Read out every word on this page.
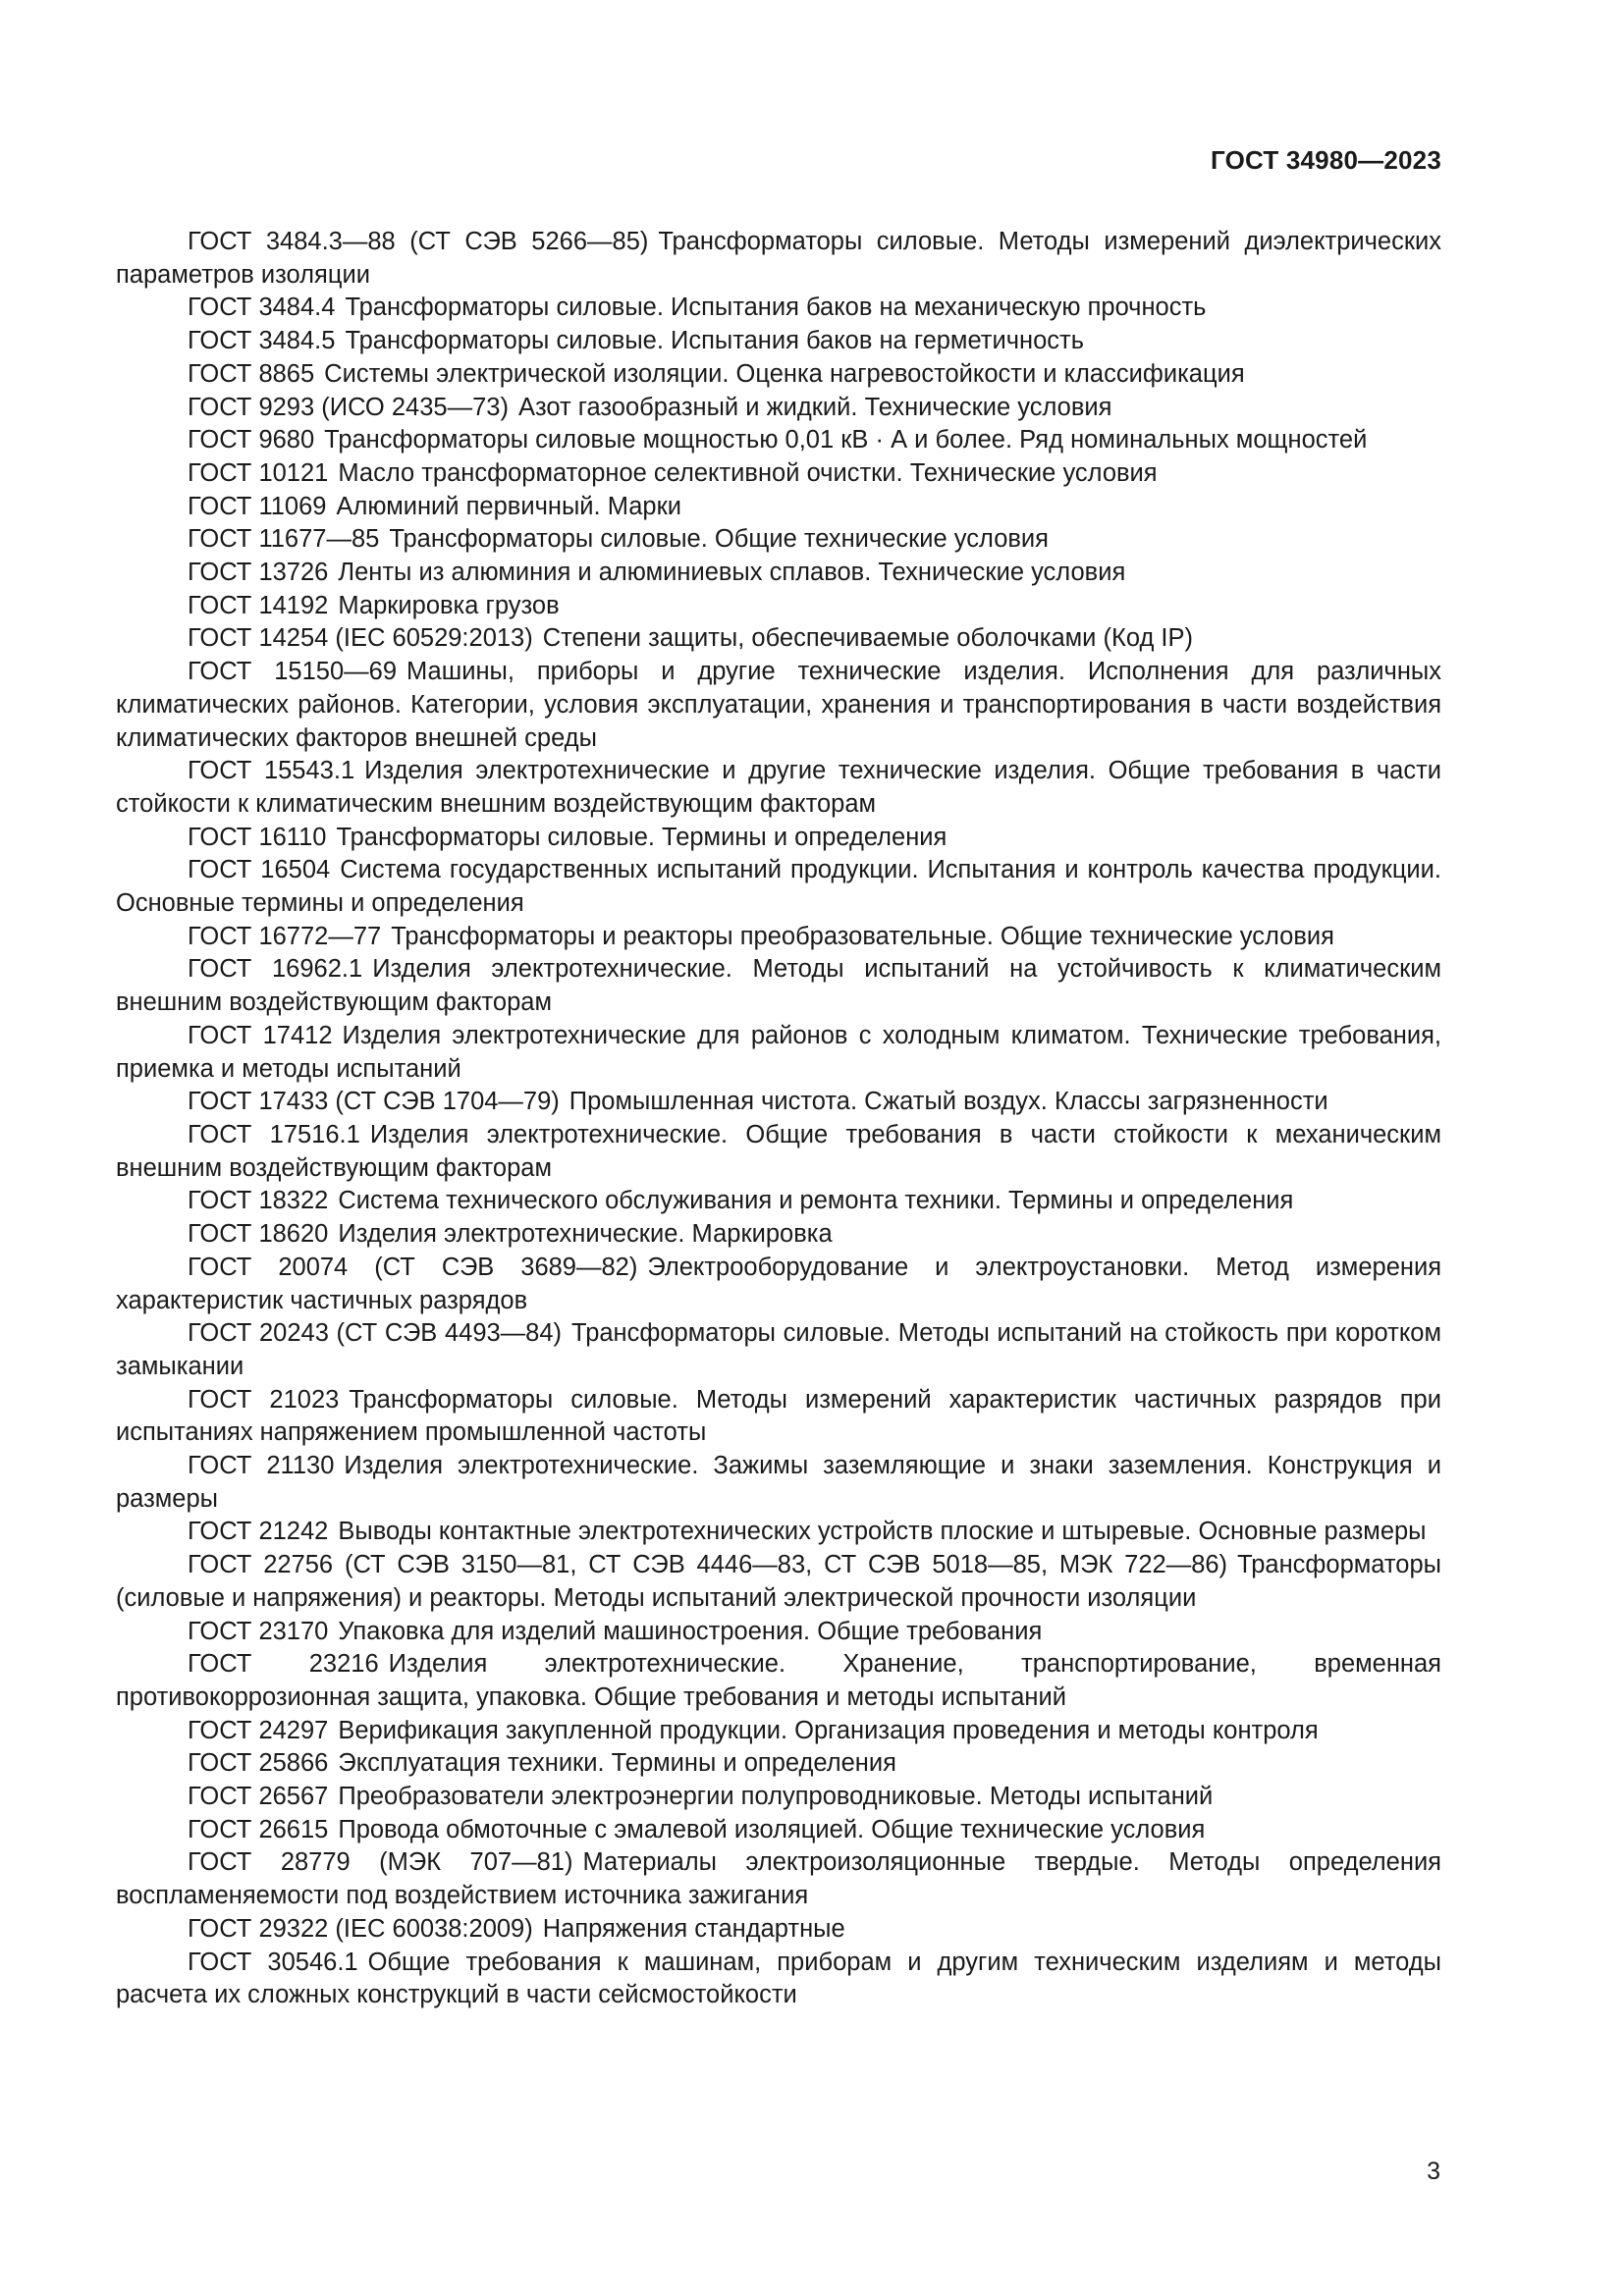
ГОСТ 34980—2023
ГОСТ 3484.3—88 (СТ СЭВ 5266—85) Трансформаторы силовые. Методы измерений диэлектрических параметров изоляции
ГОСТ 3484.4 Трансформаторы силовые. Испытания баков на механическую прочность
ГОСТ 3484.5 Трансформаторы силовые. Испытания баков на герметичность
ГОСТ 8865 Системы электрической изоляции. Оценка нагревостойкости и классификация
ГОСТ 9293 (ИСО 2435—73) Азот газообразный и жидкий. Технические условия
ГОСТ 9680 Трансформаторы силовые мощностью 0,01 кВ · А и более. Ряд номинальных мощностей
ГОСТ 10121 Масло трансформаторное селективной очистки. Технические условия
ГОСТ 11069 Алюминий первичный. Марки
ГОСТ 11677—85 Трансформаторы силовые. Общие технические условия
ГОСТ 13726 Ленты из алюминия и алюминиевых сплавов. Технические условия
ГОСТ 14192 Маркировка грузов
ГОСТ 14254 (IEC 60529:2013) Степени защиты, обеспечиваемые оболочками (Код IP)
ГОСТ 15150—69 Машины, приборы и другие технические изделия. Исполнения для различных климатических районов. Категории, условия эксплуатации, хранения и транспортирования в части воздействия климатических факторов внешней среды
ГОСТ 15543.1 Изделия электротехнические и другие технические изделия. Общие требования в части стойкости к климатическим внешним воздействующим факторам
ГОСТ 16110 Трансформаторы силовые. Термины и определения
ГОСТ 16504 Система государственных испытаний продукции. Испытания и контроль качества продукции. Основные термины и определения
ГОСТ 16772—77 Трансформаторы и реакторы преобразовательные. Общие технические условия
ГОСТ 16962.1 Изделия электротехнические. Методы испытаний на устойчивость к климатическим внешним воздействующим факторам
ГОСТ 17412 Изделия электротехнические для районов с холодным климатом. Технические требования, приемка и методы испытаний
ГОСТ 17433 (СТ СЭВ 1704—79) Промышленная чистота. Сжатый воздух. Классы загрязненности
ГОСТ 17516.1 Изделия электротехнические. Общие требования в части стойкости к механическим внешним воздействующим факторам
ГОСТ 18322 Система технического обслуживания и ремонта техники. Термины и определения
ГОСТ 18620 Изделия электротехнические. Маркировка
ГОСТ 20074 (СТ СЭВ 3689—82) Электрооборудование и электроустановки. Метод измерения характеристик частичных разрядов
ГОСТ 20243 (СТ СЭВ 4493—84) Трансформаторы силовые. Методы испытаний на стойкость при коротком замыкании
ГОСТ 21023 Трансформаторы силовые. Методы измерений характеристик частичных разрядов при испытаниях напряжением промышленной частоты
ГОСТ 21130 Изделия электротехнические. Зажимы заземляющие и знаки заземления. Конструкция и размеры
ГОСТ 21242 Выводы контактные электротехнических устройств плоские и штыревые. Основные размеры
ГОСТ 22756 (СТ СЭВ 3150—81, СТ СЭВ 4446—83, СТ СЭВ 5018—85, МЭК 722—86) Трансформаторы (силовые и напряжения) и реакторы. Методы испытаний электрической прочности изоляции
ГОСТ 23170 Упаковка для изделий машиностроения. Общие требования
ГОСТ 23216 Изделия электротехнические. Хранение, транспортирование, временная противокоррозионная защита, упаковка. Общие требования и методы испытаний
ГОСТ 24297 Верификация закупленной продукции. Организация проведения и методы контроля
ГОСТ 25866 Эксплуатация техники. Термины и определения
ГОСТ 26567 Преобразователи электроэнергии полупроводниковые. Методы испытаний
ГОСТ 26615 Провода обмоточные с эмалевой изоляцией. Общие технические условия
ГОСТ 28779 (МЭК 707—81) Материалы электроизоляционные твердые. Методы определения воспламеняемости под воздействием источника зажигания
ГОСТ 29322 (IEC 60038:2009) Напряжения стандартные
ГОСТ 30546.1 Общие требования к машинам, приборам и другим техническим изделиям и методы расчета их сложных конструкций в части сейсмостойкости
3
